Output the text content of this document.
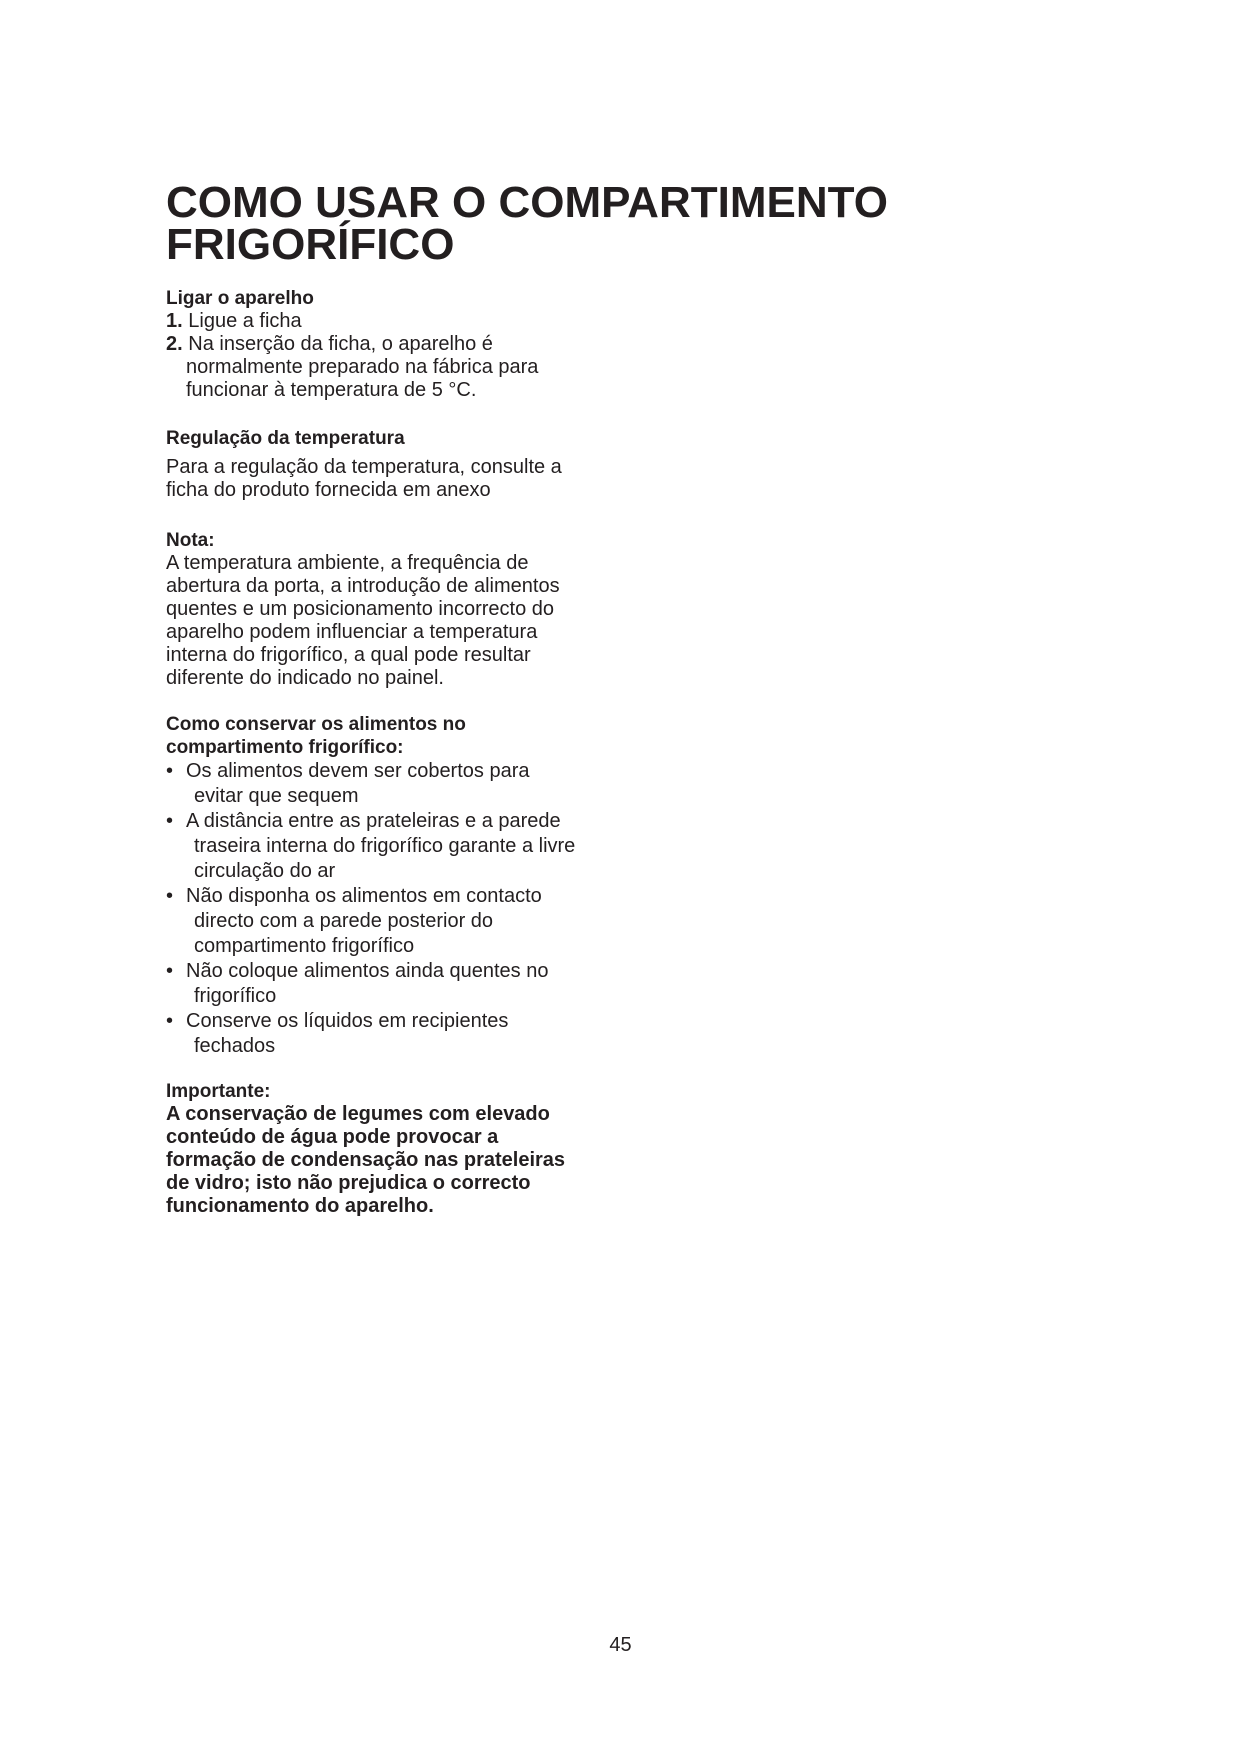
COMO USAR O COMPARTIMENTO
FRIGORÍFICO
Ligar o aparelho
1. Ligue a ficha
2. Na inserção da ficha, o aparelho é
normalmente preparado na fábrica para
funcionar à temperatura de 5 °C.
Regulação da temperatura
Para a regulação da temperatura, consulte a
ficha do produto fornecida em anexo
Nota:
A temperatura ambiente, a frequência de
abertura da porta, a introdução de alimentos
quentes e um posicionamento incorrecto do
aparelho podem influenciar a temperatura
interna do frigorífico, a qual pode resultar
diferente do indicado no painel.
Como conservar os alimentos no
compartimento frigorífico:
• Os alimentos devem ser cobertos para
evitar que sequem
• A distância entre as prateleiras e a parede
traseira interna do frigorífico garante a livre
circulação do ar
• Não disponha os alimentos em contacto
directo com a parede posterior do
compartimento frigorífico
• Não coloque alimentos ainda quentes no
frigorífico
• Conserve os líquidos em recipientes
fechados
Importante:
A conservação de legumes com elevado
conteúdo de água pode provocar a
formação de condensação nas prateleiras
de vidro; isto não prejudica o correcto
funcionamento do aparelho.
45
